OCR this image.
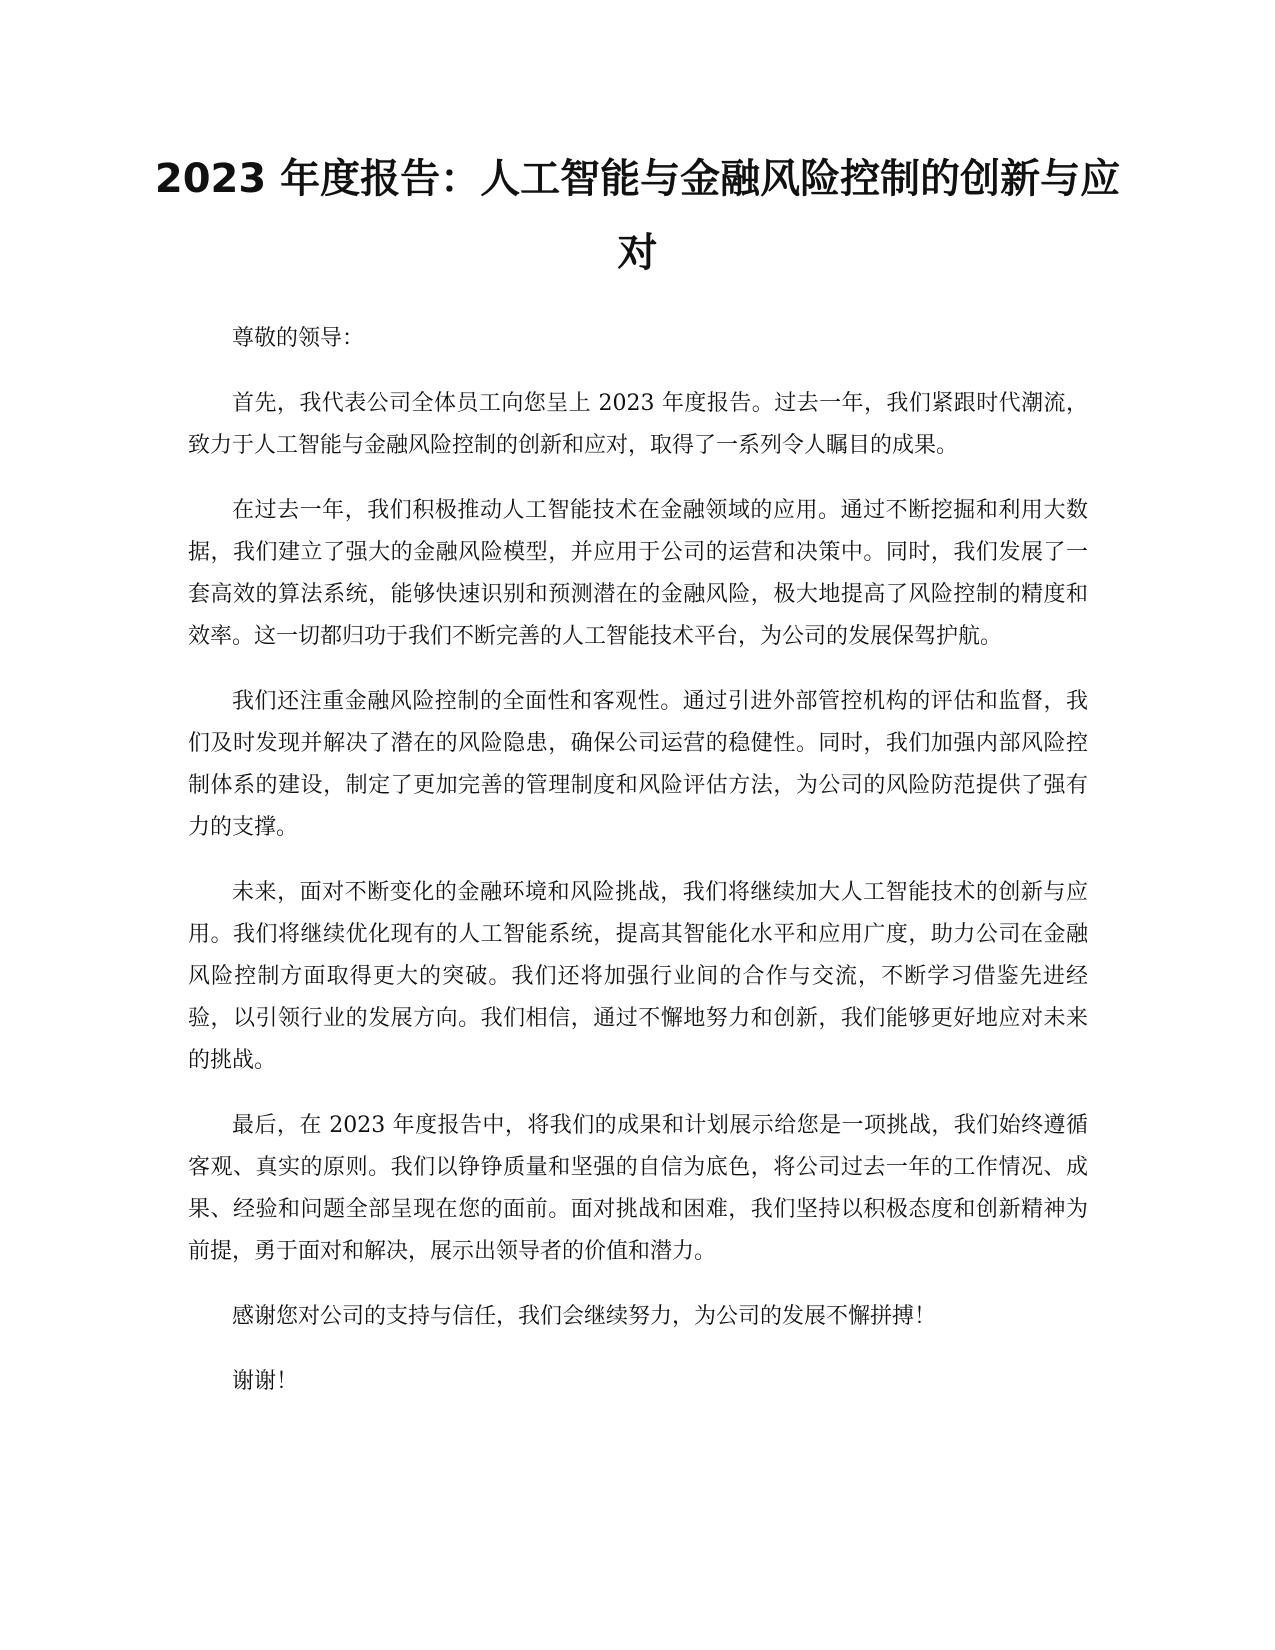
2023 年度报告：人工智能与金融风险控制的创新与应对

尊敬的领导：

首先，我代表公司全体员工向您呈上 2023 年度报告。过去一年，我们紧跟时代潮流，致力于人工智能与金融风险控制的创新和应对，取得了一系列令人瞩目的成果。

在过去一年，我们积极推动人工智能技术在金融领域的应用。通过不断挖掘和利用大数据，我们建立了强大的金融风险模型，并应用于公司的运营和决策中。同时，我们发展了一套高效的算法系统，能够快速识别和预测潜在的金融风险，极大地提高了风险控制的精度和效率。这一切都归功于我们不断完善的人工智能技术平台，为公司的发展保驾护航。

我们还注重金融风险控制的全面性和客观性。通过引进外部管控机构的评估和监督，我们及时发现并解决了潜在的风险隐患，确保公司运营的稳健性。同时，我们加强内部风险控制体系的建设，制定了更加完善的管理制度和风险评估方法，为公司的风险防范提供了强有力的支撑。

未来，面对不断变化的金融环境和风险挑战，我们将继续加大人工智能技术的创新与应用。我们将继续优化现有的人工智能系统，提高其智能化水平和应用广度，助力公司在金融风险控制方面取得更大的突破。我们还将加强行业间的合作与交流，不断学习借鉴先进经验，以引领行业的发展方向。我们相信，通过不懈地努力和创新，我们能够更好地应对未来的挑战。

最后，在 2023 年度报告中，将我们的成果和计划展示给您是一项挑战，我们始终遵循客观、真实的原则。我们以铮铮质量和坚强的自信为底色，将公司过去一年的工作情况、成果、经验和问题全部呈现在您的面前。面对挑战和困难，我们坚持以积极态度和创新精神为前提，勇于面对和解决，展示出领导者的价值和潜力。

感谢您对公司的支持与信任，我们会继续努力，为公司的发展不懈拼搏！

谢谢！
